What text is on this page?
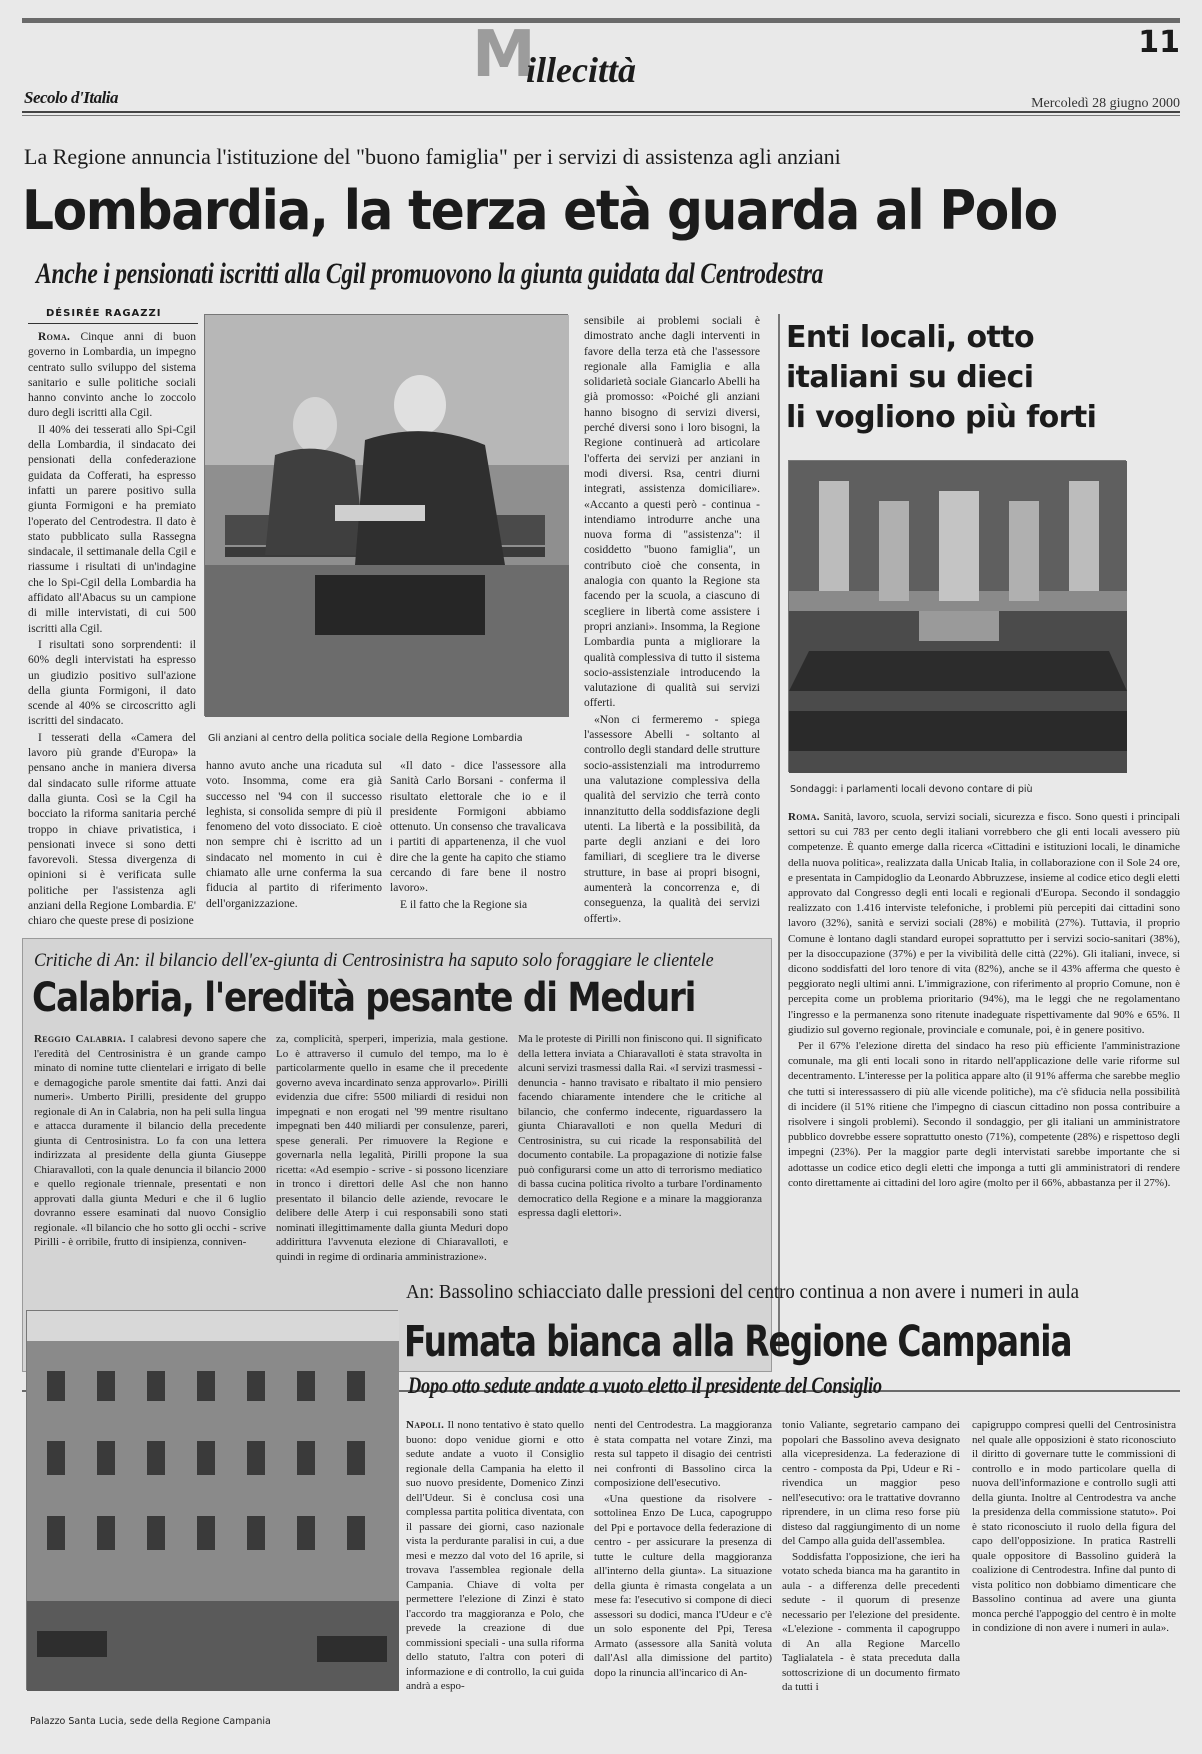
M
illecittà
11
Secolo d'Italia	Mercoledì 28 giugno 2000
La Regione annuncia l'istituzione del "buono famiglia" per i servizi di assistenza agli anziani
Lombardia, la terza età guarda al Polo
Anche i pensionati iscritti alla Cgil promuovono la giunta guidata dal Centrodestra
DÉSIRÉE RAGAZZI

Roma. Cinque anni di buon governo in Lombardia, un impegno centrato sullo sviluppo del sistema sanitario e sulle politiche sociali hanno convinto anche lo zoccolo duro degli iscritti alla Cgil.

Il 40% dei tesserati allo Spi-Cgil della Lombardia, il sindacato dei pensionati della confederazione guidata da Cofferati, ha espresso infatti un parere positivo sulla giunta Formigoni e ha premiato l'operato del Centrodestra. Il dato è stato pubblicato sulla Rassegna sindacale, il settimanale della Cgil e riassume i risultati di un'indagine che lo Spi-Cgil della Lombardia ha affidato all'Abacus su un campione di mille intervistati, di cui 500 iscritti alla Cgil.

I risultati sono sorprendenti: il 60% degli intervistati ha espresso un giudizio positivo sull'azione della giunta Formigoni, il dato scende al 40% se circoscritto agli iscritti del sindacato.

I tesserati della «Camera del lavoro più grande d'Europa» la pensano anche in maniera diversa dal sindacato sulle riforme attuate dalla giunta. Così se la Cgil ha bocciato la riforma sanitaria perché troppo in chiave privatistica, i pensionati invece si sono detti favorevoli. Stessa divergenza di opinioni si è verificata sulle politiche per l'assistenza agli anziani della Regione Lombardia. E' chiaro che queste prese di posizione

Gli anziani al centro della politica sociale della Regione Lombardia

hanno avuto anche una ricaduta sul voto. Insomma, come era già successo nel '94 con il successo leghista, si consolida sempre di più il fenomeno del voto dissociato. E cioè non sempre chi è iscritto ad un sindacato nel momento in cui è chiamato alle urne conferma la sua fiducia al partito di riferimento dell'organizzazione.

«Il dato - dice l'assessore alla Sanità Carlo Borsani - conferma il risultato elettorale che io e il presidente Formigoni abbiamo ottenuto. Un consenso che travalicava i partiti di appartenenza, il che vuol dire che la gente ha capito che stiamo cercando di fare bene il nostro lavoro».

E il fatto che la Regione sia

sensibile ai problemi sociali è dimostrato anche dagli interventi in favore della terza età che l'assessore regionale alla Famiglia e alla solidarietà sociale Giancarlo Abelli ha già promosso: «Poiché gli anziani hanno bisogno di servizi diversi, perché diversi sono i loro bisogni, la Regione continuerà ad articolare l'offerta dei servizi per anziani in modi diversi. Rsa, centri diurni integrati, assistenza domiciliare». «Accanto a questi però - continua - intendiamo introdurre anche una nuova forma di "assistenza": il cosiddetto "buono famiglia", un contributo cioè che consenta, in analogia con quanto la Regione sta facendo per la scuola, a ciascuno di scegliere in libertà come assistere i propri anziani». Insomma, la Regione Lombardia punta a migliorare la qualità complessiva di tutto il sistema socio-assistenziale introducendo la valutazione di qualità sui servizi offerti.

«Non ci fermeremo - spiega l'assessore Abelli - soltanto al controllo degli standard delle strutture socio-assistenziali ma introdurremo una valutazione complessiva della qualità del servizio che terrà conto innanzitutto della soddisfazione degli utenti. La libertà e la possibilità, da parte degli anziani e dei loro familiari, di scegliere tra le diverse strutture, in base ai propri bisogni, aumenterà la concorrenza e, di conseguenza, la qualità dei servizi offerti».

Enti locali, otto
italiani su dieci
li vogliono più forti
Sondaggi: i parlamenti locali devono contare di più

Roma. Sanità, lavoro, scuola, servizi sociali, sicurezza e fisco. Sono questi i principali settori su cui 783 per cento degli italiani vorrebbero che gli enti locali avessero più competenze. È quanto emerge dalla ricerca «Cittadini e istituzioni locali, le dinamiche della nuova politica», realizzata dalla Unicab Italia, in collaborazione con il Sole 24 ore, e presentata in Campidoglio da Leonardo Abbruzzese, insieme al codice etico degli eletti approvato dal Congresso degli enti locali e regionali d'Europa. Secondo il sondaggio realizzato con 1.416 interviste telefoniche, i problemi più percepiti dai cittadini sono lavoro (32%), sanità e servizi sociali (28%) e mobilità (27%). Tuttavia, il proprio Comune è lontano dagli standard europei soprattutto per i servizi socio-sanitari (38%), per la disoccupazione (37%) e per la vivibilità delle città (22%). Gli italiani, invece, si dicono soddisfatti del loro tenore di vita (82%), anche se il 43% afferma che questo è peggiorato negli ultimi anni. L'immigrazione, con riferimento al proprio Comune, non è percepita come un problema prioritario (94%), ma le leggi che ne regolamentano l'ingresso e la permanenza sono ritenute inadeguate rispettivamente dal 90% e 65%. Il giudizio sul governo regionale, provinciale e comunale, poi, è in genere positivo.

Per il 67% l'elezione diretta del sindaco ha reso più efficiente l'amministrazione comunale, ma gli enti locali sono in ritardo nell'applicazione delle varie riforme sul decentramento. L'interesse per la politica appare alto (il 91% afferma che sarebbe meglio che tutti si interessassero di più alle vicende politiche), ma c'è sfiducia nella possibilità di incidere (il 51% ritiene che l'impegno di ciascun cittadino non possa contribuire a risolvere i singoli problemi). Secondo il sondaggio, per gli italiani un amministratore pubblico dovrebbe essere soprattutto onesto (71%), competente (28%) e rispettoso degli impegni (23%). Per la maggior parte degli intervistati sarebbe importante che si adottasse un codice etico degli eletti che imponga a tutti gli amministratori di rendere conto direttamente ai cittadini del loro agire (molto per il 66%, abbastanza per il 27%).

Critiche di An: il bilancio dell'ex-giunta di Centrosinistra ha saputo solo foraggiare le clientele
Calabria, l'eredità pesante di Meduri

Reggio Calabria. I calabresi devono sapere che l'eredità del Centrosinistra è un grande campo minato di nomine tutte clientelari e irrigato di belle e demagogiche parole smentite dai fatti. Anzi dai numeri». Umberto Pirilli, presidente del gruppo regionale di An in Calabria, non ha peli sulla lingua e attacca duramente il bilancio della precedente giunta di Centrosinistra. Lo fa con una lettera indirizzata al presidente della giunta Giuseppe Chiaravalloti, con la quale denuncia il bilancio 2000 e quello regionale triennale, presentati e non approvati dalla giunta Meduri e che il 6 luglio dovranno essere esaminati dal nuovo Consiglio regionale. «Il bilancio che ho sotto gli occhi - scrive Pirilli - è orribile, frutto di insipienza, conniven-

za, complicità, sperperi, imperizia, mala gestione. Lo è attraverso il cumulo del tempo, ma lo è particolarmente quello in esame che il precedente governo aveva incardinato senza approvarlo». Pirilli evidenzia due cifre: 5500 miliardi di residui non impegnati e non erogati nel '99 mentre risultano impegnati ben 440 miliardi per consulenze, pareri, spese generali. Per rimuovere la Regione e governarla nella legalità, Pirilli propone la sua ricetta: «Ad esempio - scrive - si possono licenziare in tronco i direttori delle Asl che non hanno presentato il bilancio delle aziende, revocare le delibere delle Aterp i cui responsabili sono stati nominati illegittimamente dalla giunta Meduri dopo addirittura l'avvenuta elezione di Chiaravalloti, e quindi in regime di ordinaria amministrazione».

Ma le proteste di Pirilli non finiscono qui. Il significato della lettera inviata a Chiaravalloti è stata stravolta in alcuni servizi trasmessi dalla Rai. «I servizi trasmessi - denuncia - hanno travisato e ribaltato il mio pensiero facendo chiaramente intendere che le critiche al bilancio, che confermo indecente, riguardassero la giunta Chiaravalloti e non quella Meduri di Centrosinistra, su cui ricade la responsabilità del documento contabile. La propagazione di notizie false può configurarsi come un atto di terrorismo mediatico di bassa cucina politica rivolto a turbare l'ordinamento democratico della Regione e a minare la maggioranza espressa dagli elettori».

Palazzo Santa Lucia, sede della Regione Campania
An: Bassolino schiacciato dalle pressioni del centro continua a non avere i numeri in aula
Fumata bianca alla Regione Campania
Dopo otto sedute andate a vuoto eletto il presidente del Consiglio

Napoli. Il nono tentativo è stato quello buono: dopo venidue giorni e otto sedute andate a vuoto il Consiglio regionale della Campania ha eletto il suo nuovo presidente, Domenico Zinzi dell'Udeur. Si è conclusa così una complessa partita politica diventata, con il passare dei giorni, caso nazionale vista la perdurante paralisi in cui, a due mesi e mezzo dal voto del 16 aprile, si trovava l'assemblea regionale della Campania. Chiave di volta per permettere l'elezione di Zinzi è stato l'accordo tra maggioranza e Polo, che prevede la creazione di due commissioni speciali - una sulla riforma dello statuto, l'altra con poteri di informazione e di controllo, la cui guida andrà a espo-

nenti del Centrodestra. La maggioranza è stata compatta nel votare Zinzi, ma resta sul tappeto il disagio dei centristi nei confronti di Bassolino circa la composizione dell'esecutivo.

«Una questione da risolvere - sottolinea Enzo De Luca, capogruppo del Ppi e portavoce della federazione di centro - per assicurare la presenza di tutte le culture della maggioranza all'interno della giunta». La situazione della giunta è rimasta congelata a un mese fa: l'esecutivo si compone di dieci assessori su dodici, manca l'Udeur e c'è un solo esponente del Ppi, Teresa Armato (assessore alla Sanità voluta dall'Asl alla dimissione del partito) dopo la rinuncia all'incarico di An-

tonio Valiante, segretario campano dei popolari che Bassolino aveva designato alla vicepresidenza. La federazione di centro - composta da Ppi, Udeur e Ri - rivendica un maggior peso nell'esecutivo: ora le trattative dovranno riprendere, in un clima reso forse più disteso dal raggiungimento di un nome del Campo alla guida dell'assemblea.

Soddisfatta l'opposizione, che ieri ha votato scheda bianca ma ha garantito in aula - a differenza delle precedenti sedute - il quorum di presenze necessario per l'elezione del presidente. «L'elezione - commenta il capogruppo di An alla Regione Marcello Taglialatela - è stata preceduta dalla sottoscrizione di un documento firmato da tutti i

capigruppo compresi quelli del Centrosinistra nel quale alle opposizioni è stato riconosciuto il diritto di governare tutte le commissioni di controllo e in modo particolare quella di nuova dell'informazione e controllo sugli atti della giunta. Inoltre al Centrodestra va anche la presidenza della commissione statuto». Poi è stato riconosciuto il ruolo della figura del capo dell'opposizione. In pratica Rastrelli quale oppositore di Bassolino guiderà la coalizione di Centrodestra. Infine dal punto di vista politico non dobbiamo dimenticare che Bassolino continua ad avere una giunta monca perché l'appoggio del centro è in molte in condizione di non avere i numeri in aula».
